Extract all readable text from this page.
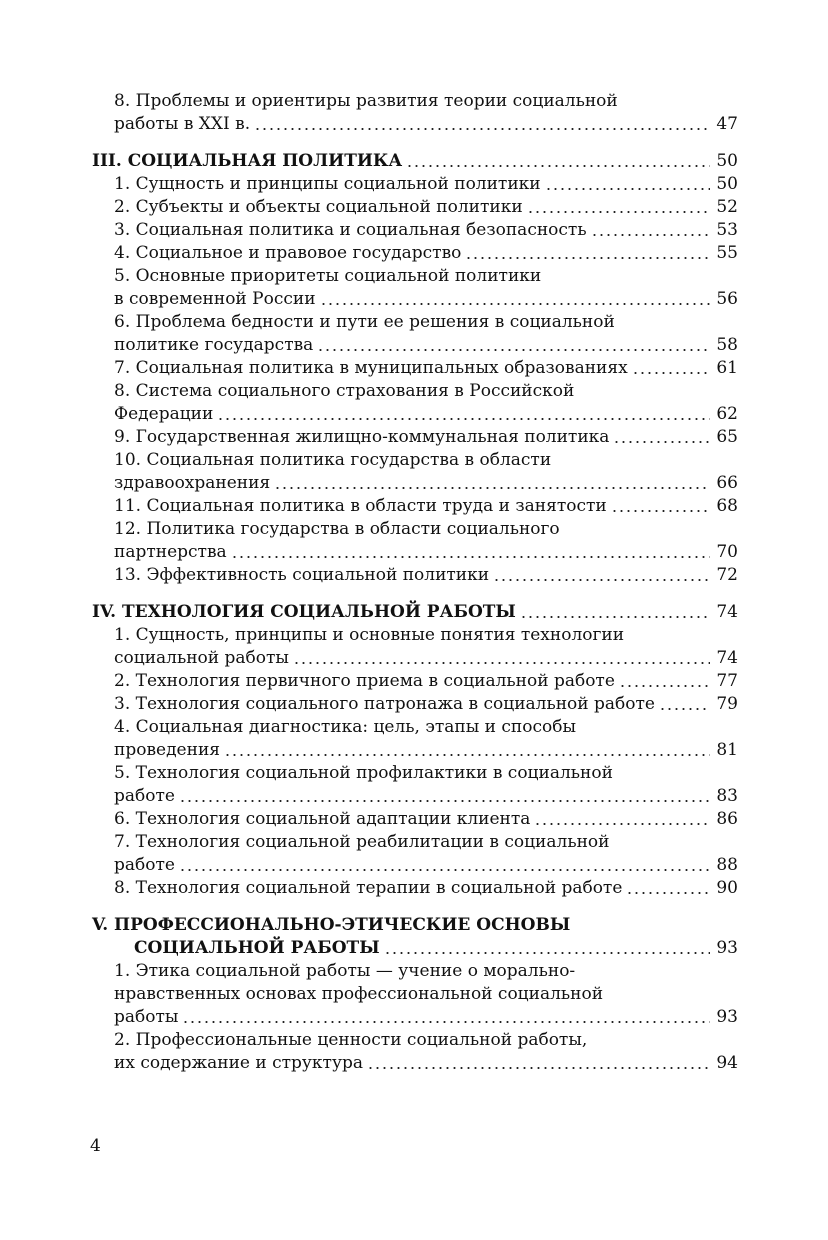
8. Проблемы и ориентиры развития теории социальной
работы в XXI в.	47
III. СОЦИАЛЬНАЯ ПОЛИТИКА	50
1. Сущность и принципы социальной политики	50
2. Субъекты и объекты социальной политики	52
3. Социальная политика и социальная безопасность	53
4. Социальное и правовое государство	55
5. Основные приоритеты социальной политики
в современной России	56
6. Проблема бедности и пути ее решения в социальной
политике государства	58
7. Социальная политика в муниципальных образованиях	61
8. Система социального страхования в Российской
Федерации	62
9. Государственная жилищно-коммунальная политика	65
10. Социальная политика государства в области
здравоохранения	66
11. Социальная политика в области труда и занятости	68
12. Политика государства в области социального
партнерства	70
13. Эффективность социальной политики	72
IV. ТЕХНОЛОГИЯ СОЦИАЛЬНОЙ РАБОТЫ	74
1. Сущность, принципы и основные понятия технологии
социальной работы	74
2. Технология первичного приема в социальной работе	77
3. Технология социального патронажа в социальной работе	79
4. Социальная диагностика: цель, этапы и способы
проведения	81
5. Технология социальной профилактики в социальной
работе	83
6. Технология социальной адаптации клиента	86
7. Технология социальной реабилитации в социальной
работе	88
8. Технология социальной терапии в социальной работе	90
V. ПРОФЕССИОНАЛЬНО-ЭТИЧЕСКИЕ ОСНОВЫ
СОЦИАЛЬНОЙ РАБОТЫ	93
1. Этика социальной работы — учение о морально-
нравственных основах профессиональной социальной
работы	93
2. Профессиональные ценности социальной работы,
их содержание и структура	94
4
